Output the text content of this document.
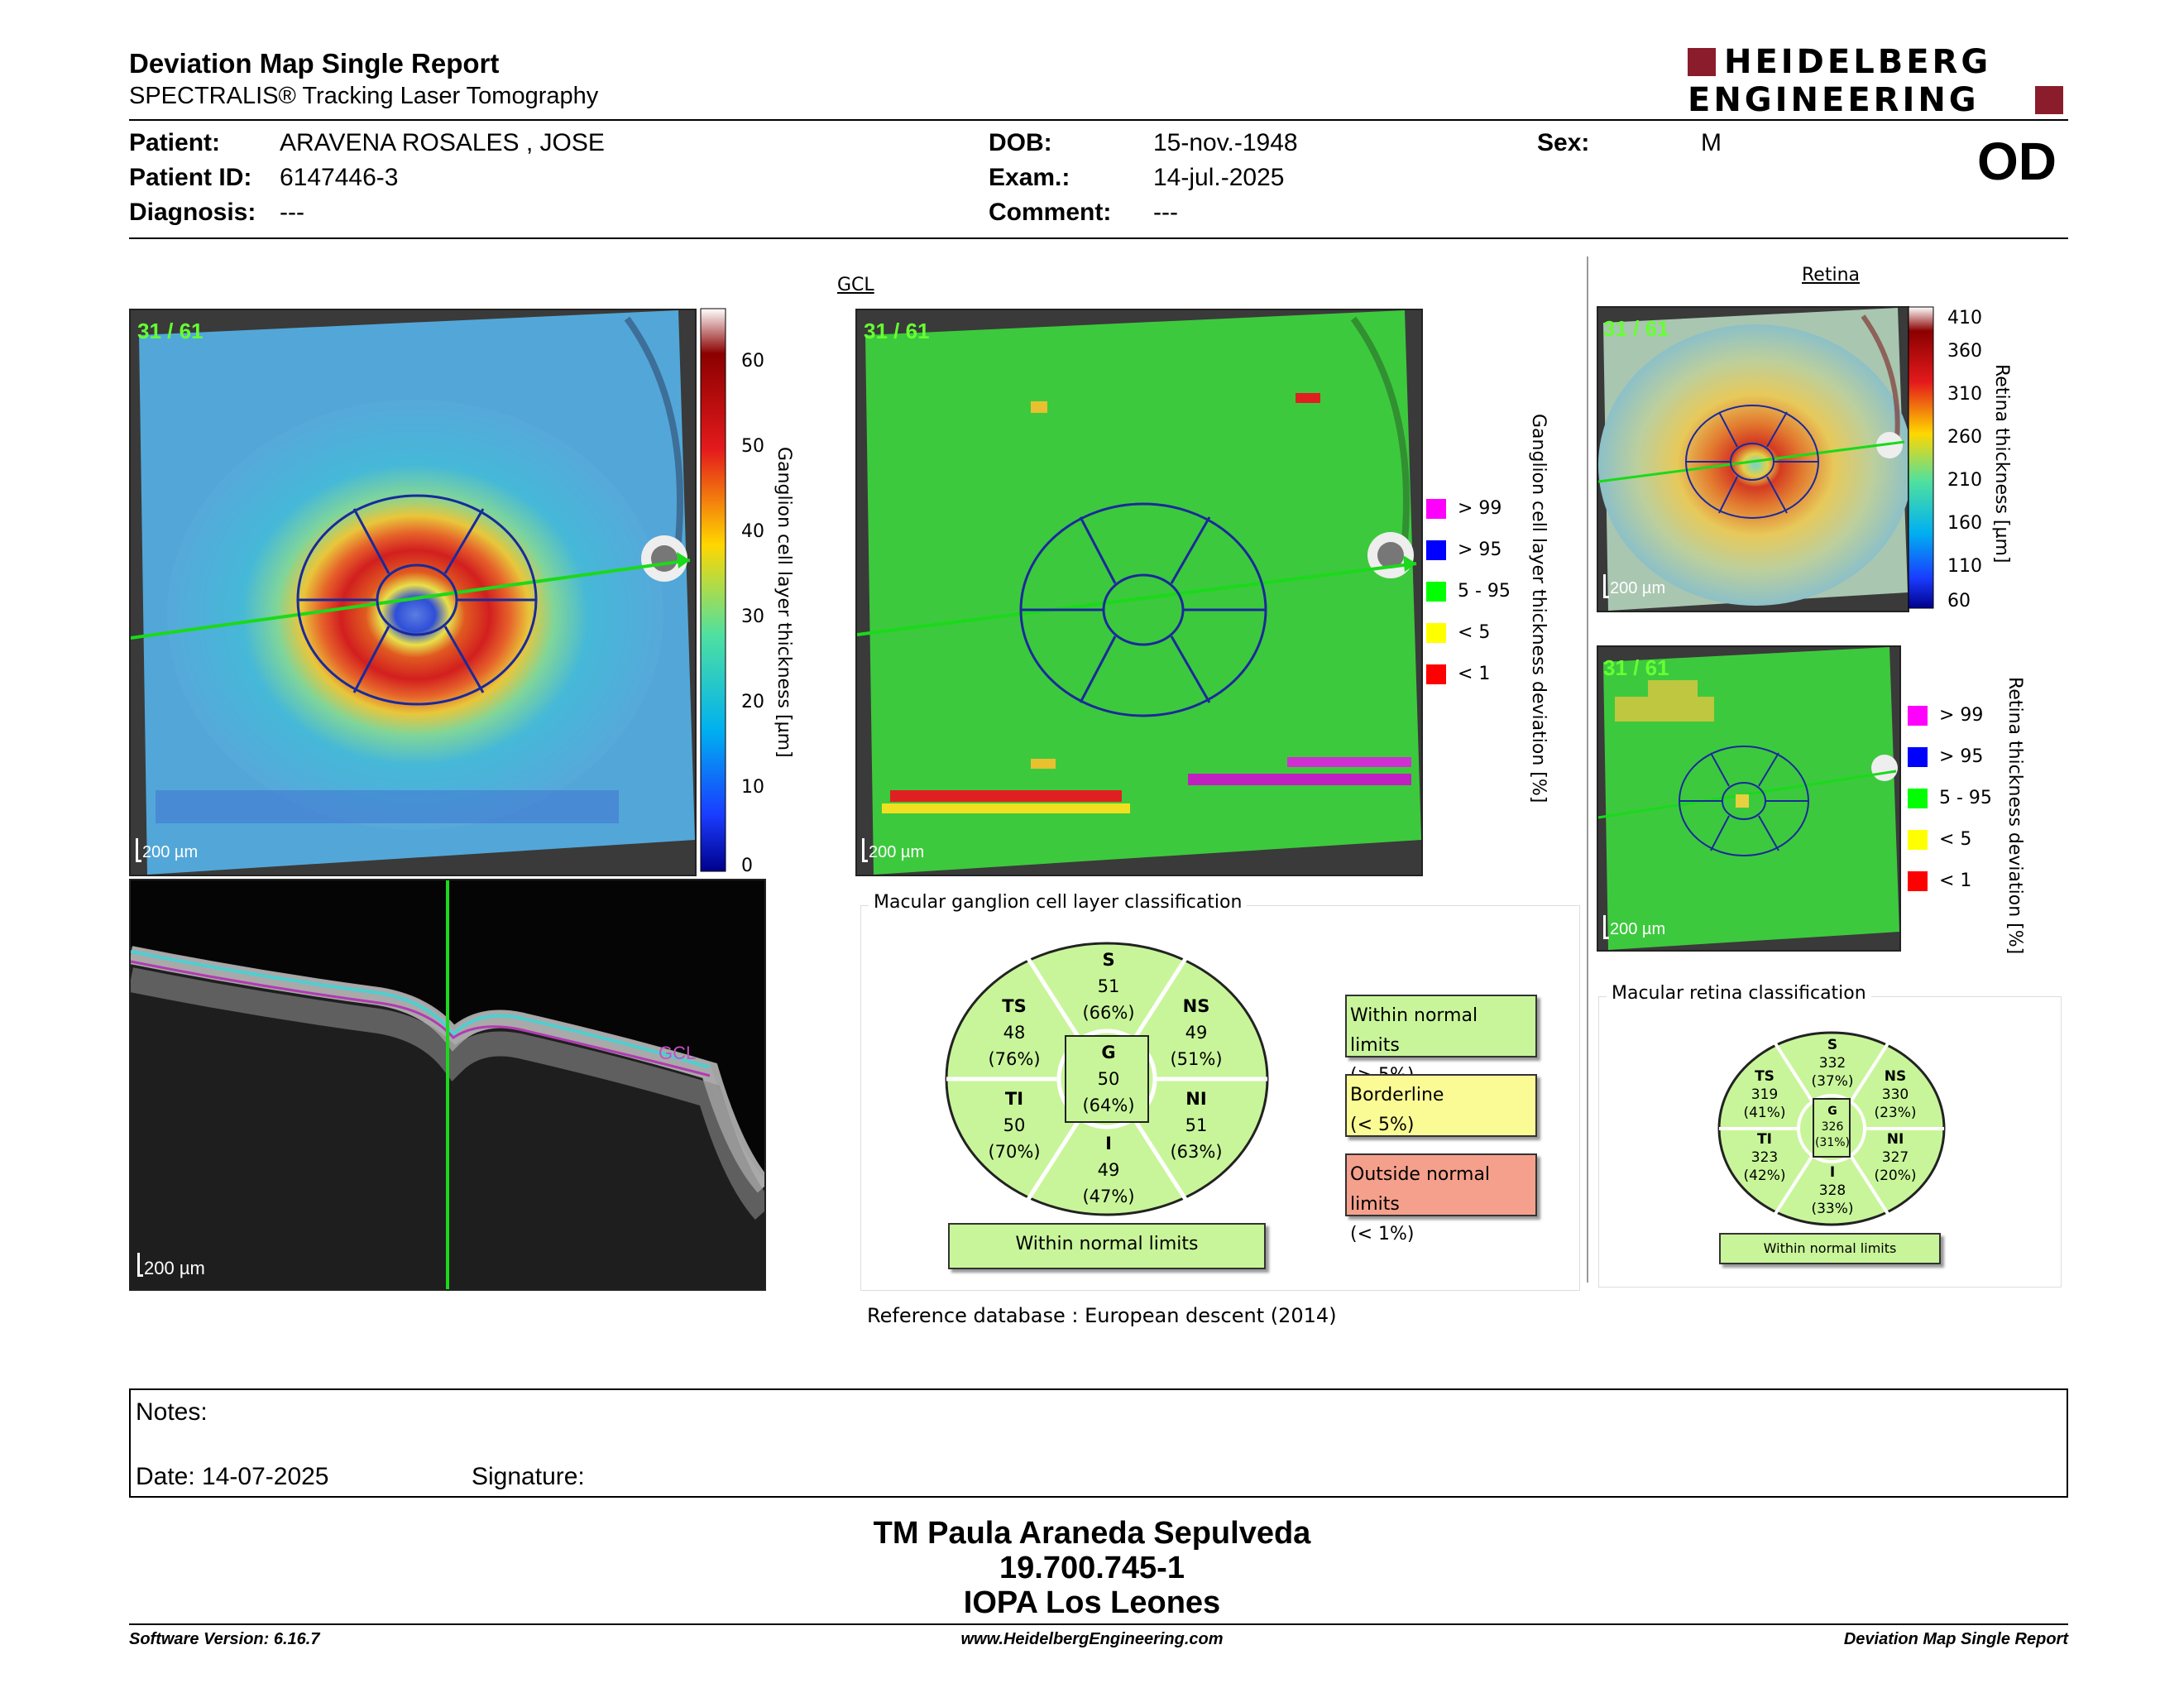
Deviation Map Single Report
SPECTRALIS® Tracking Laser Tomography
HEIDELBERG
ENGINEERING
Patient: ARAVENA ROSALES , JOSE
Patient ID: 6147446-3
Diagnosis: ---
DOB:	15-nov.-1948
Exam.:	14-jul.-2025
Comment: ---
Sex:	M	OD
31 / 61
200 µm
60
50
40
30
20
10
0
Ganglion cell layer thickness [µm]
GCL
200 µm
GCL
31 / 61
200 µm
> 99
> 95
5 - 95
< 5
< 1 Ganglion cell layer thickness deviation [%]
Macular ganglion cell layer classification
S
51
(66%)
TS
48
(76%)
NS
49
(51%)
G
50
(64%)
TI
50
(70%)
NI
51
(63%)
I
49
(47%)
Within normal limits
Within normal limits
Borderline
(< 5%)
Outside normal limits
(< 1%)
Reference database : European descent (2014)
Retina
31 / 61
200 µm
410
360
310
260
210
160
110
60
Retina thickness [µm]
31 / 61
200 µm
> 99
> 95
5 - 95
< 5
< 1 Retina thickness deviation [%]
Macular retina classification
S
332
(37%)
TS
319
(41%)
NS
330
(23%)
G
326
(31%)
TI
323
(42%)
NI
327
(20%)
I
328
(33%)
Within normal limits
Notes:
Date: 14-07-2025	Signature:
TM Paula Araneda Sepulveda
19.700.745-1
IOPA Los Leones
Software Version: 6.16.7	www.HeidelbergEngineering.com	Deviation Map Single Report
